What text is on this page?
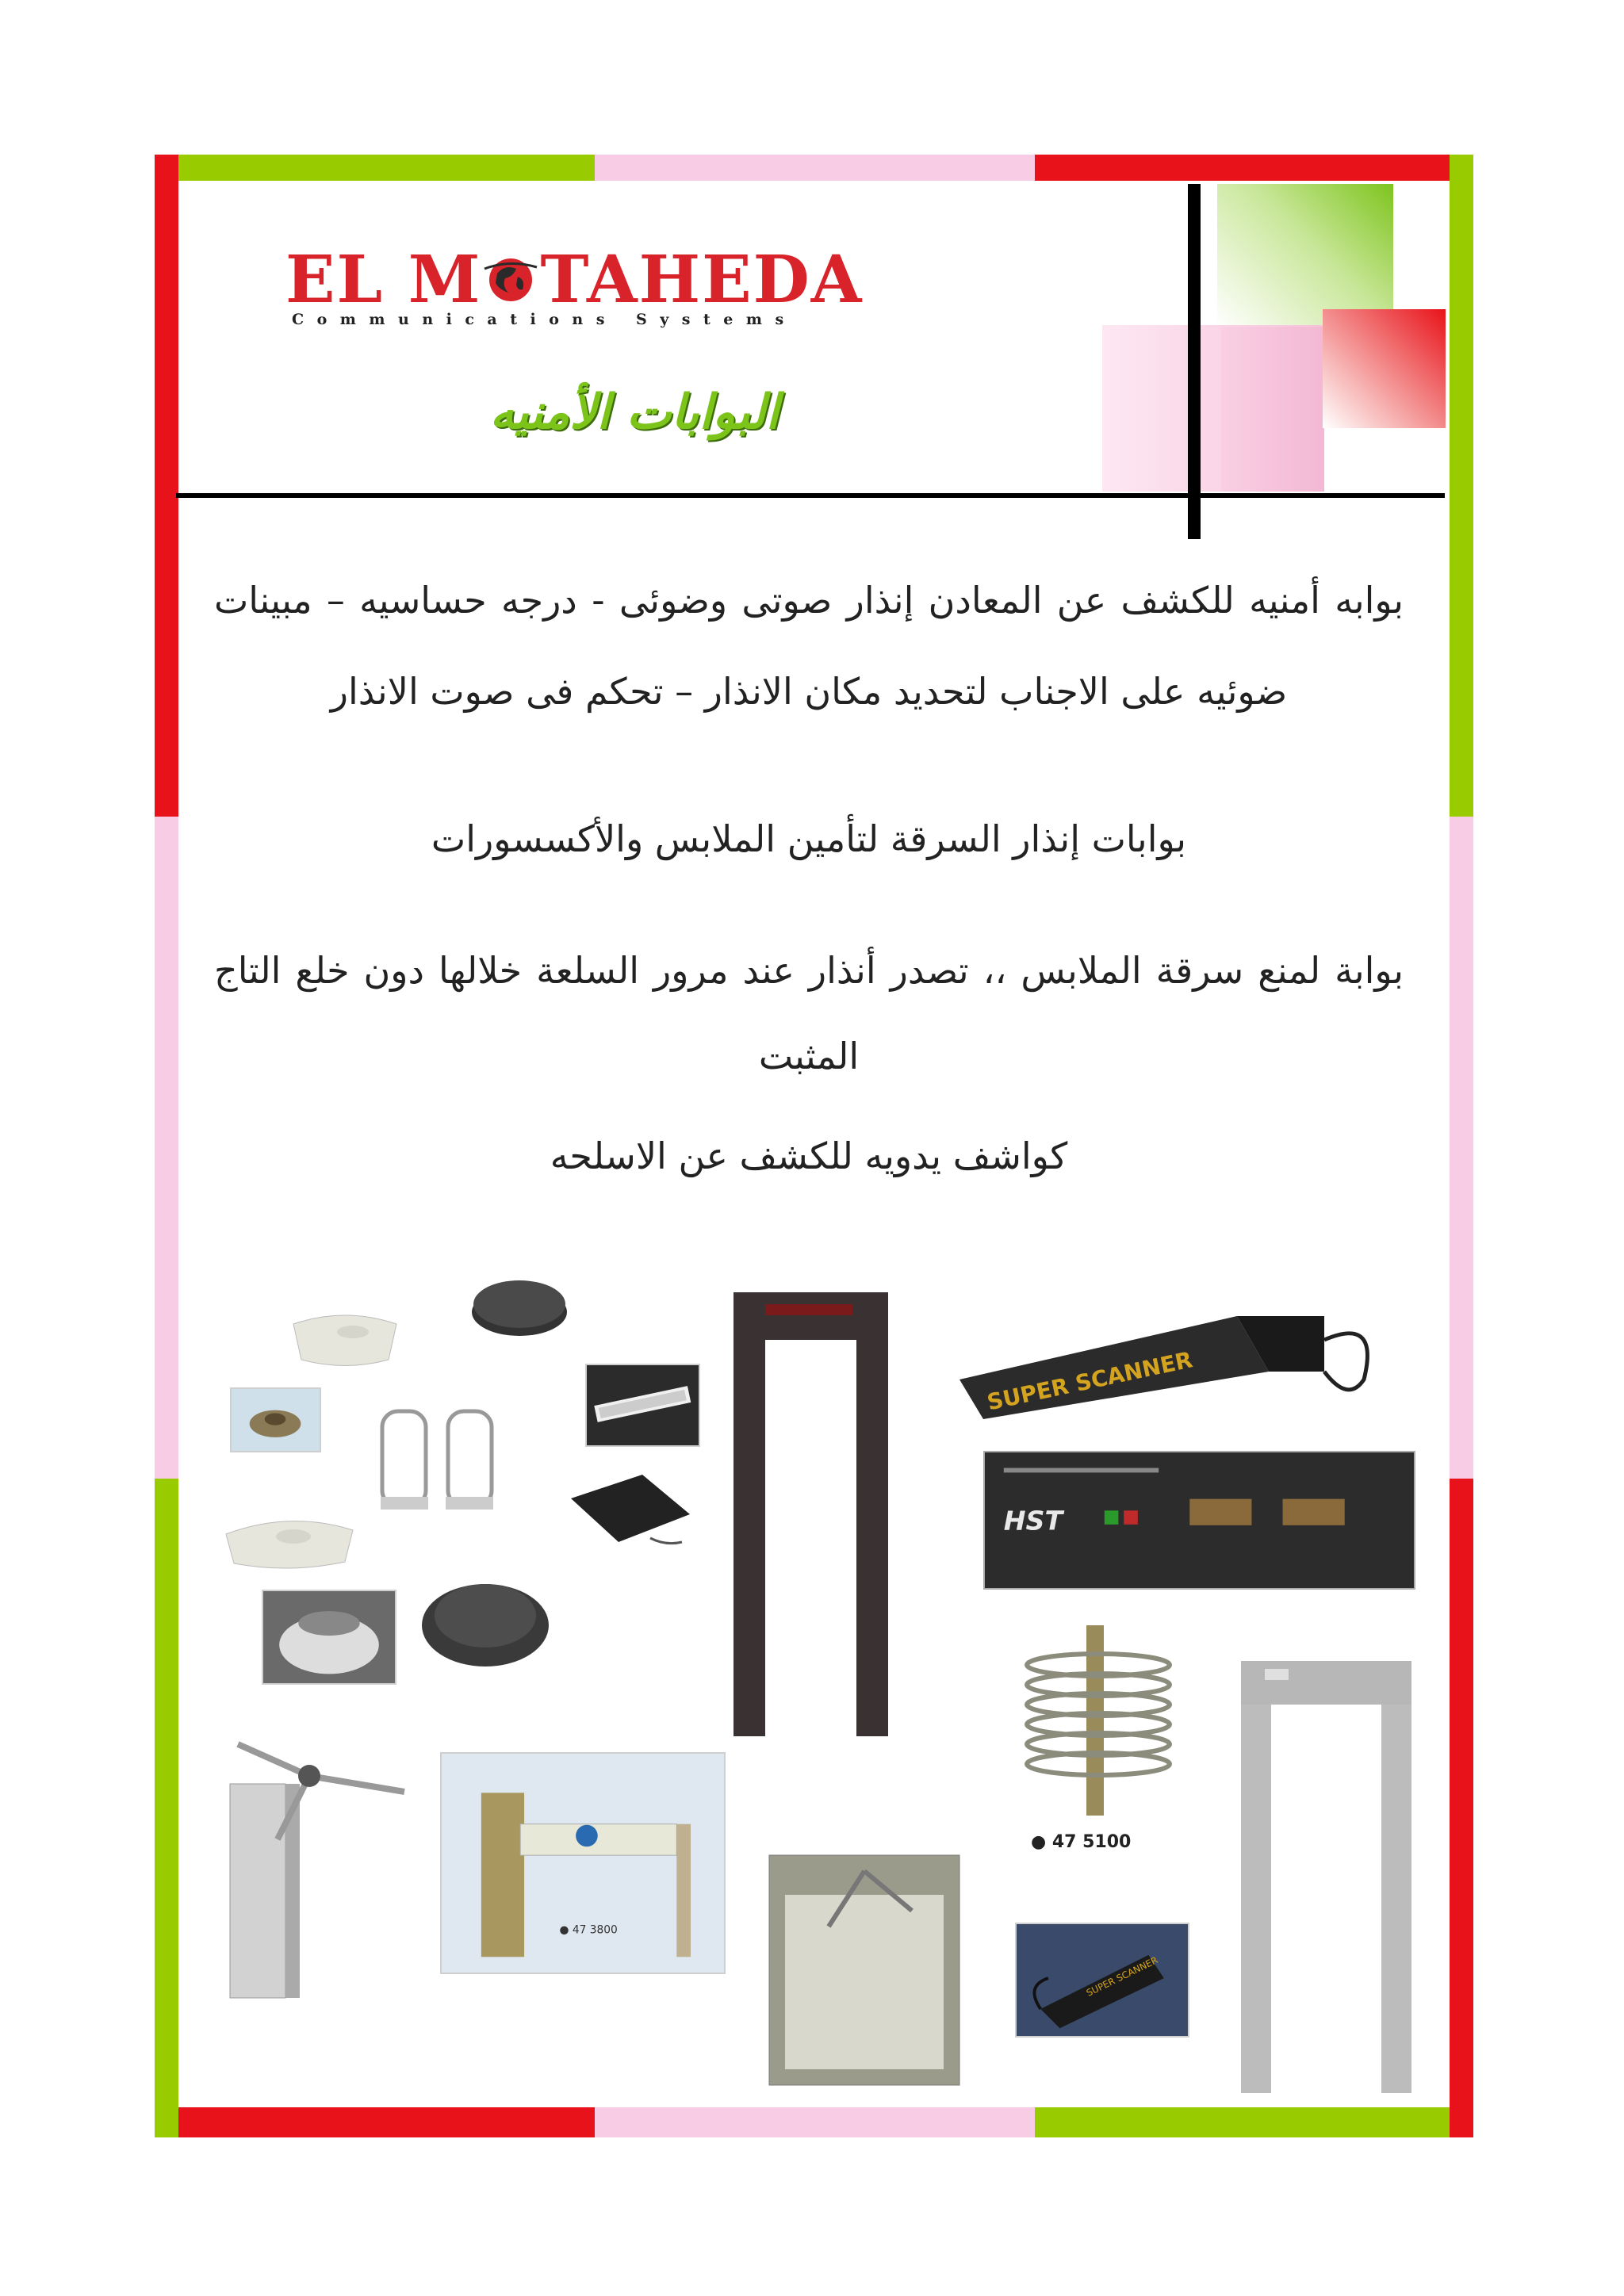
EL M TAHEDA
Communications Systems
البوابات الأمنيه
بوابه أمنيه للكشف عن المعادن إنذار صوتى وضوئى - درجه حساسيه – مبينات ضوئيه على الاجناب لتحديد مكان الانذار – تحكم فى صوت الانذار
بوابات إنذار السرقة لتأمين الملابس والأكسسورات
بوابة لمنع سرقة الملابس ،، تصدر أنذار عند مرور السلعة خلالها دون خلع التاج المثبت
كواشف يدويه للكشف عن الاسلحه
SUPER SCANNER
HST
● 47 5100
● 47 3800
SUPER SCANNER
